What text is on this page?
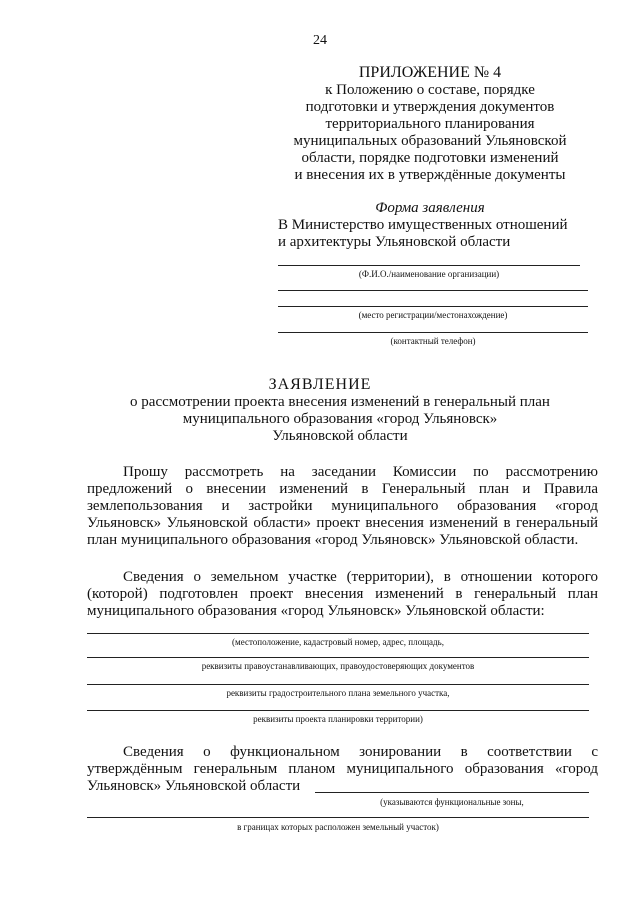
24
ПРИЛОЖЕНИЕ № 4
к Положению о составе, порядке
подготовки и утверждения документов
территориального планирования
муниципальных образований Ульяновской
области, порядке подготовки изменений
и внесения их в утверждённые документы
Форма заявления
В Министерство имущественных отношений
и архитектуры Ульяновской области
(Ф.И.О./наименование организации)
(место регистрации/местонахождение)
(контактный телефон)
ЗАЯВЛЕНИЕ
о рассмотрении проекта внесения изменений в генеральный план
муниципального образования «город Ульяновск»
Ульяновской области
Прошу рассмотреть на заседании Комиссии по рассмотрению
предложений о внесении изменений в Генеральный план и Правила
землепользования и застройки муниципального образования «город
Ульяновск» Ульяновской области» проект внесения изменений в генеральный
план муниципального образования «город Ульяновск» Ульяновской области.
Сведения о земельном участке (территории), в отношении которого
(которой) подготовлен проект внесения изменений в генеральный план
муниципального образования «город Ульяновск» Ульяновской области:
(местоположение, кадастровый номер, адрес, площадь,
реквизиты правоустанавливающих, правоудостоверяющих документов
реквизиты градостроительного плана земельного участка,
реквизиты проекта планировки территории)
Сведения о функциональном зонировании в соответствии с
утверждённым генеральным планом муниципального образования «город
Ульяновск» Ульяновской области
(указываются функциональные зоны,
в границах которых расположен земельный участок)
